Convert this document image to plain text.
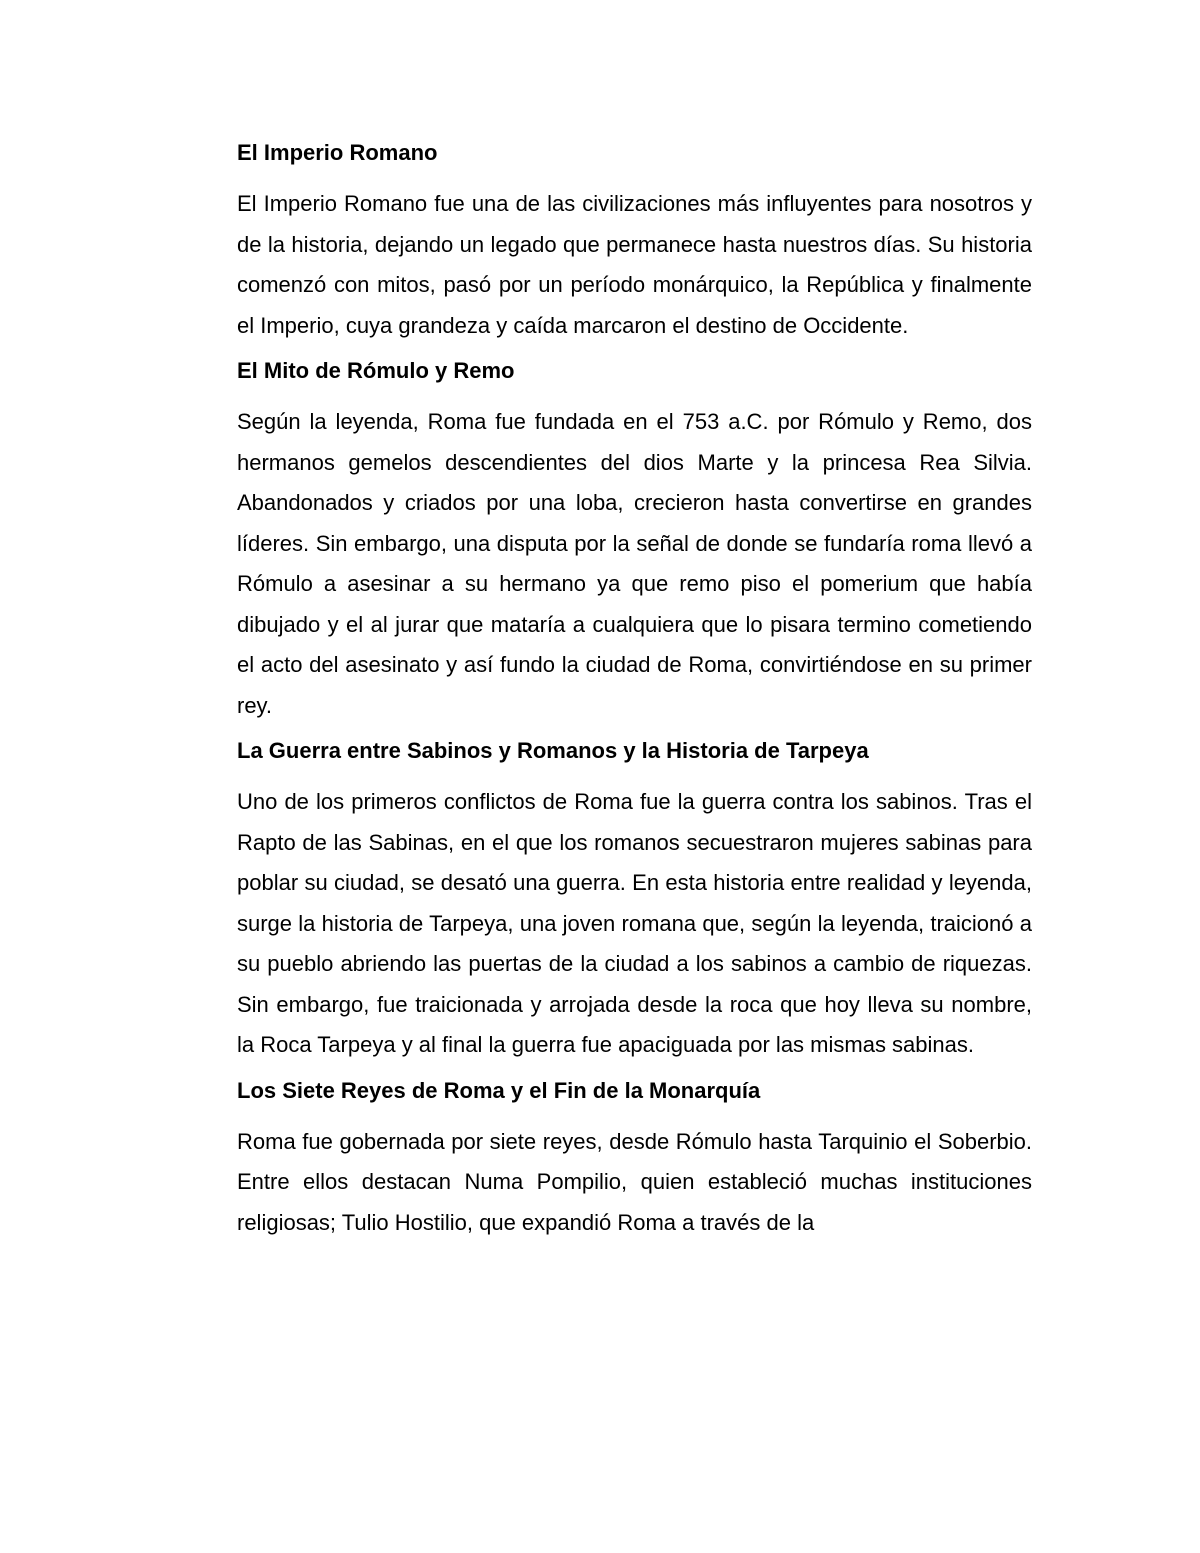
El Imperio Romano
El Imperio Romano fue una de las civilizaciones más influyentes para nosotros y de la historia, dejando un legado que permanece hasta nuestros días. Su historia comenzó con mitos, pasó por un período monárquico, la República y finalmente el Imperio, cuya grandeza y caída marcaron el destino de Occidente.
El Mito de Rómulo y Remo
Según la leyenda, Roma fue fundada en el 753 a.C. por Rómulo y Remo, dos hermanos gemelos descendientes del dios Marte y la princesa Rea Silvia. Abandonados y criados por una loba, crecieron hasta convertirse en grandes líderes. Sin embargo, una disputa por la señal de donde se fundaría roma llevó a Rómulo a asesinar a su hermano ya que remo piso el pomerium que había dibujado y el al jurar que mataría a cualquiera que lo pisara termino cometiendo el acto del asesinato y así fundo la ciudad de Roma, convirtiéndose en su primer rey.
La Guerra entre Sabinos y Romanos y la Historia de Tarpeya
Uno de los primeros conflictos de Roma fue la guerra contra los sabinos. Tras el Rapto de las Sabinas, en el que los romanos secuestraron mujeres sabinas para poblar su ciudad, se desató una guerra. En esta historia entre realidad y leyenda, surge la historia de Tarpeya, una joven romana que, según la leyenda, traicionó a su pueblo abriendo las puertas de la ciudad a los sabinos a cambio de riquezas. Sin embargo, fue traicionada y arrojada desde la roca que hoy lleva su nombre, la Roca Tarpeya y al final la guerra fue apaciguada por las mismas sabinas.
Los Siete Reyes de Roma y el Fin de la Monarquía
Roma fue gobernada por siete reyes, desde Rómulo hasta Tarquinio el Soberbio. Entre ellos destacan Numa Pompilio, quien estableció muchas instituciones religiosas; Tulio Hostilio, que expandió Roma a través de la
